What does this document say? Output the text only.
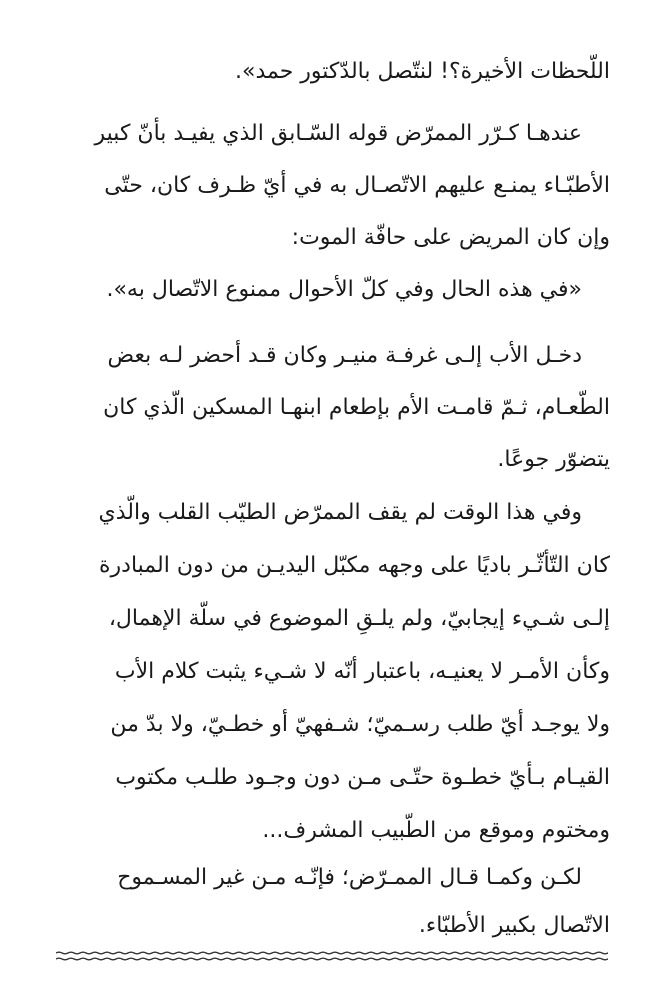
اللّحظات الأخيرة؟! لنتّصل بالدّكتور حمد».
عندهـا كـرّر الممرّض قوله السّـابق الذي يفيـد بأنّ كبير
الأطبّـاء يمنـع عليهم الاتّصـال به في أيّ ظـرف كان، حتّى
وإن كان المريض على حافّة الموت:
«في هذه الحال وفي كلّ الأحوال ممنوع الاتّصال به».
دخـل الأب إلـى غرفـة منيـر وكان قـد أحضر لـه بعض
الطّعـام، ثـمّ قامـت الأم بإطعام ابنهـا المسكين الّذي كان
يتضوّر جوعًا.
وفي هذا الوقت لم يقف الممرّض الطيّب القلب والّذي
كان التّأثّـر باديًا على وجهه مكبّل اليديـن من دون المبادرة
إلـى شـيء إيجابيّ، ولم يلـقِ الموضوع في سلّة الإهمال،
وكأن الأمـر لا يعنيـه، باعتبار أنّه لا شـيء يثبت كلام الأب
ولا يوجـد أيّ طلب رسـميّ؛ شـفهيّ أو خطـيّ، ولا بدّ من
القيـام بـأيّ خطـوة حتّـى مـن دون وجـود طلـب مكتوب
ومختوم وموقع من الطّبيب المشرف...
لكـن وكمـا قـال الممـرّض؛ فإنّـه مـن غير المسـموح
الاتّصال بكبير الأطبّاء.
